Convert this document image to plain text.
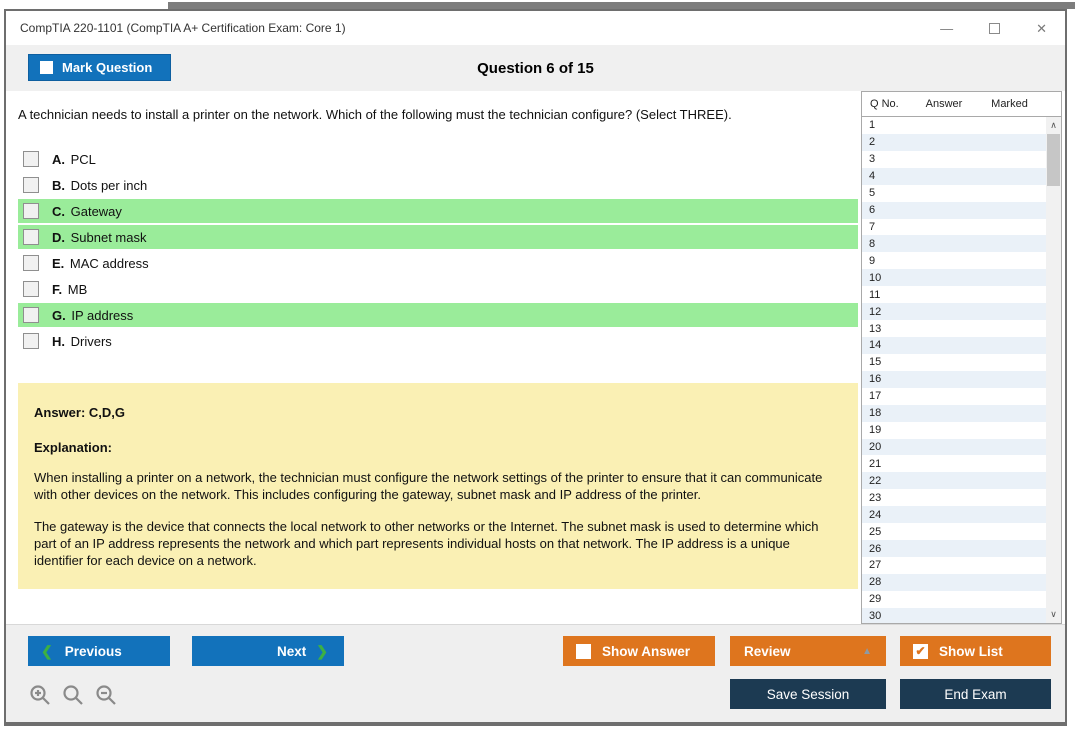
CompTIA 220-1101 (CompTIA A+ Certification Exam: Core 1)	—	✕
Mark Question	Question 6 of 15

A technician needs to install a printer on the network. Which of the following must the technician configure? (Select THREE).

A. PCL
B. Dots per inch
C. Gateway
D. Subnet mask
E. MAC address
F. MB
G. IP address
H. Drivers

Answer: C,D,G

Explanation:

When installing a printer on a network, the technician must configure the network settings of the printer to ensure that it can communicate with other devices on the network. This includes configuring the gateway, subnet mask and IP address of the printer.

The gateway is the device that connects the local network to other networks or the Internet. The subnet mask is used to determine which part of an IP address represents the network and which part represents individual hosts on that network. The IP address is a unique identifier for each device on a network.

Q No.	Answer	Marked
1
2
3
4
5
6
7
8
9
10
11
12
13
14
15
16
17
18
19
20
21
22
23
24
25
26
27
28
29
30
∧
∨
❮ Previous	Next ❯	Show Answer	Review	▲	✔ Show List
Save Session	End Exam
